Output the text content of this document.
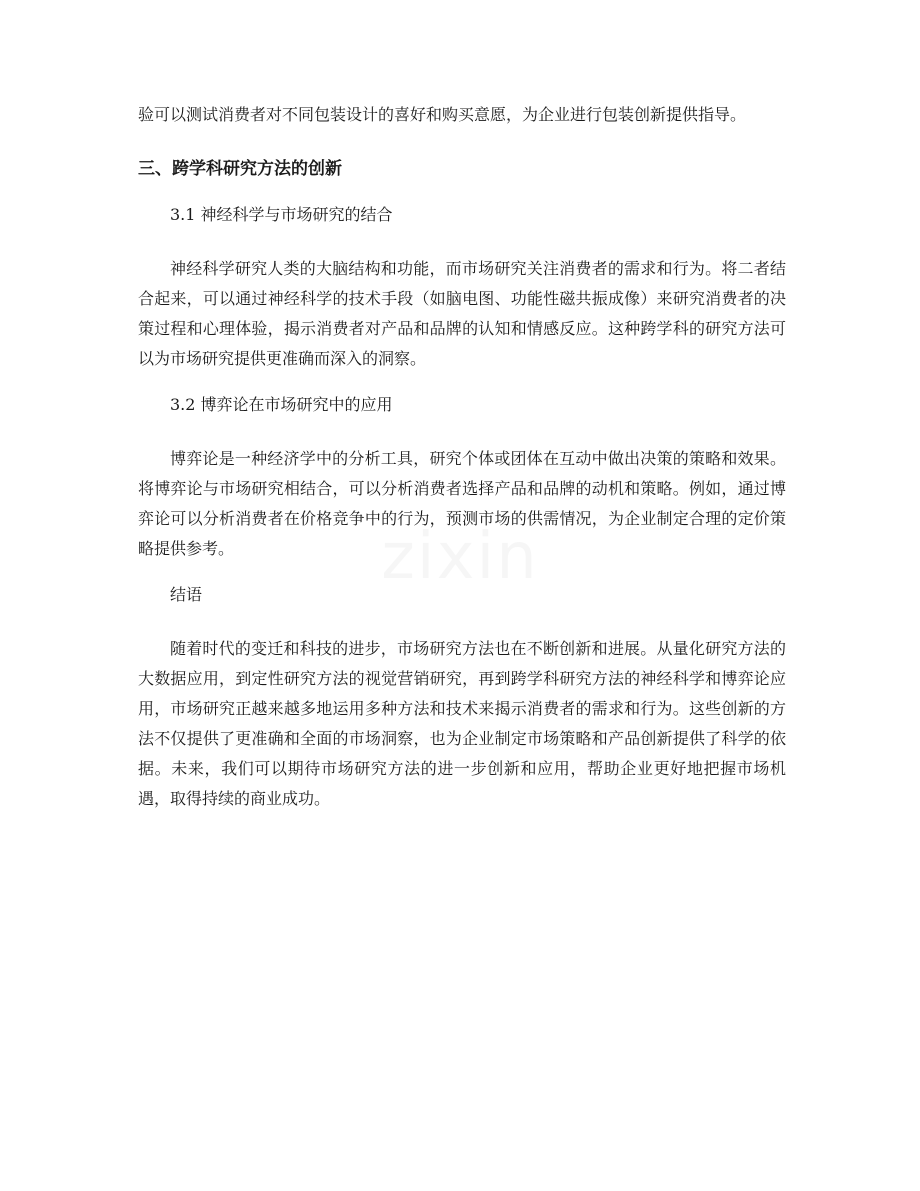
验可以测试消费者对不同包装设计的喜好和购买意愿，为企业进行包装创新提供指导。

三、跨学科研究方法的创新

3.1 神经科学与市场研究的结合

神经科学研究人类的大脑结构和功能，而市场研究关注消费者的需求和行为。将二者结合起来，可以通过神经科学的技术手段（如脑电图、功能性磁共振成像）来研究消费者的决策过程和心理体验，揭示消费者对产品和品牌的认知和情感反应。这种跨学科的研究方法可以为市场研究提供更准确而深入的洞察。

3.2 博弈论在市场研究中的应用

博弈论是一种经济学中的分析工具，研究个体或团体在互动中做出决策的策略和效果。将博弈论与市场研究相结合，可以分析消费者选择产品和品牌的动机和策略。例如，通过博弈论可以分析消费者在价格竞争中的行为，预测市场的供需情况，为企业制定合理的定价策略提供参考。

结语

随着时代的变迁和科技的进步，市场研究方法也在不断创新和进展。从量化研究方法的大数据应用，到定性研究方法的视觉营销研究，再到跨学科研究方法的神经科学和博弈论应用，市场研究正越来越多地运用多种方法和技术来揭示消费者的需求和行为。这些创新的方法不仅提供了更准确和全面的市场洞察，也为企业制定市场策略和产品创新提供了科学的依据。未来，我们可以期待市场研究方法的进一步创新和应用，帮助企业更好地把握市场机遇，取得持续的商业成功。
